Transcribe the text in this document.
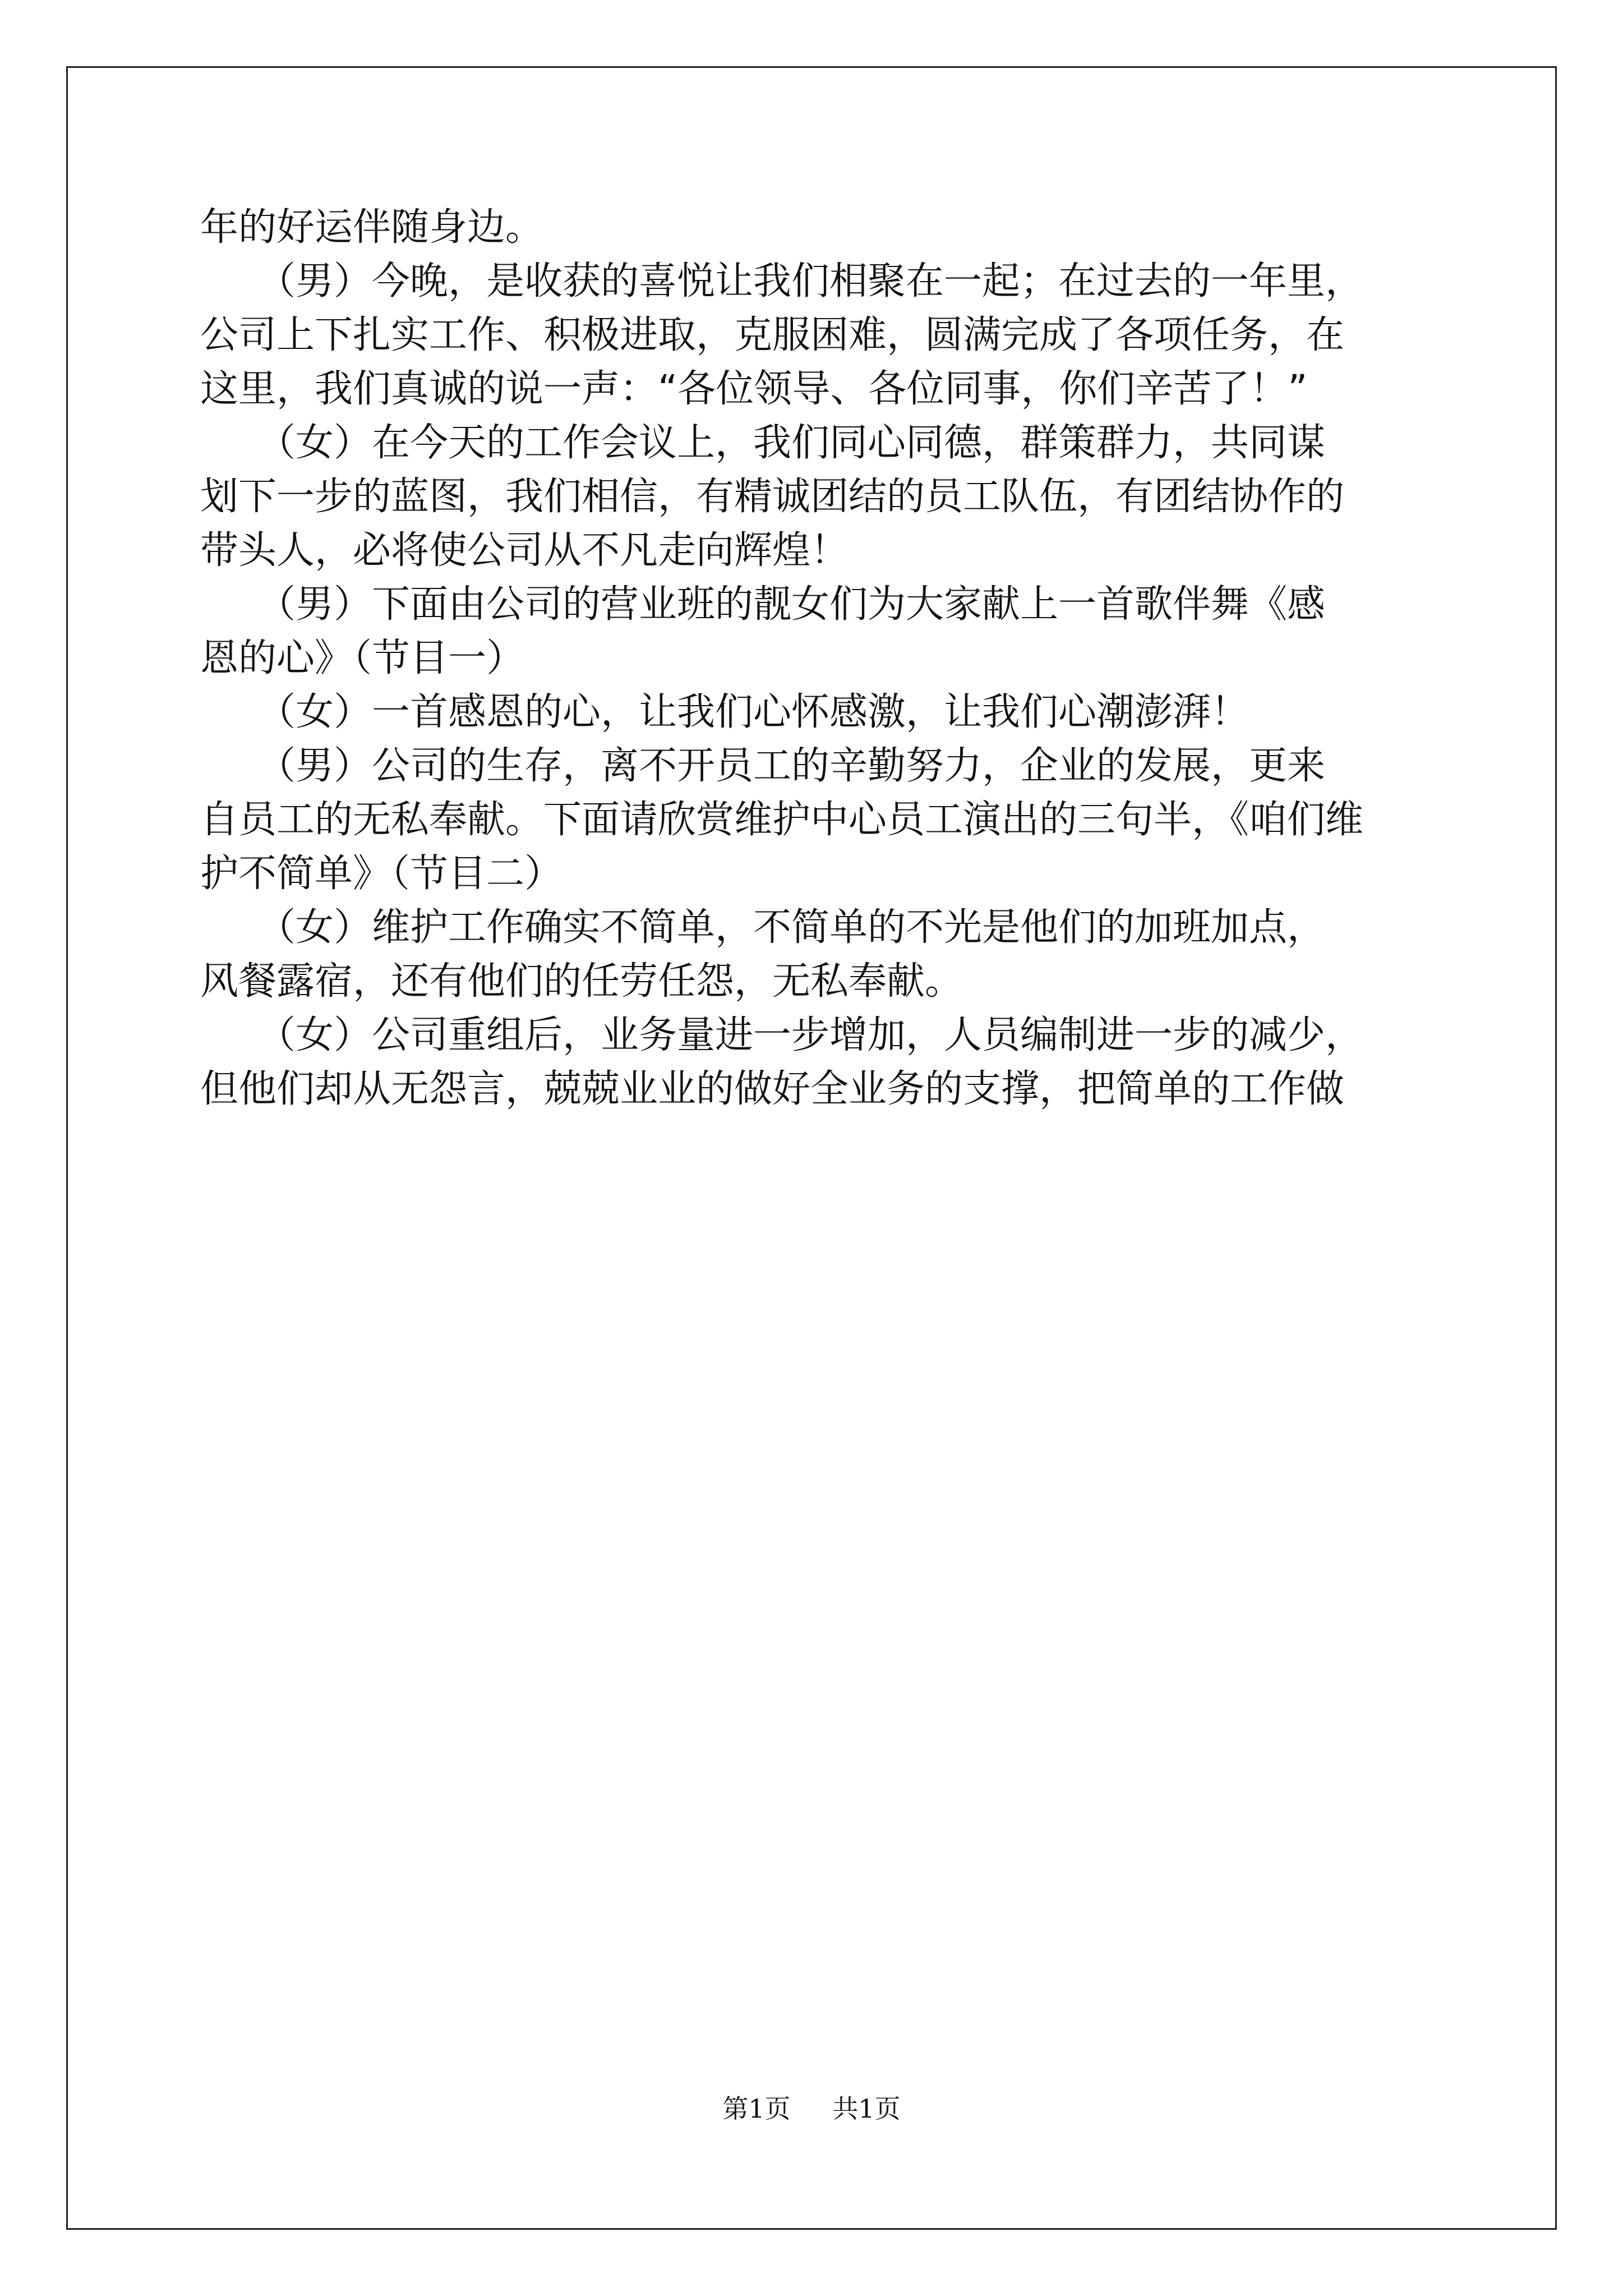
年的好运伴随身边。
　　（男）今晚，是收获的喜悦让我们相聚在一起；在过去的一年里，
公司上下扎实工作、积极进取，克服困难，圆满完成了各项任务，在
这里，我们真诚的说一声：“各位领导、各位同事，你们辛苦了！”
　　（女）在今天的工作会议上，我们同心同德，群策群力，共同谋
划下一步的蓝图，我们相信，有精诚团结的员工队伍，有团结协作的
带头人，必将使公司从不凡走向辉煌！
　　（男）下面由公司的营业班的靓女们为大家献上一首歌伴舞《感
恩的心》（节目一）
　　（女）一首感恩的心，让我们心怀感激，让我们心潮澎湃！
　　（男）公司的生存，离不开员工的辛勤努力，企业的发展，更来
自员工的无私奉献。下面请欣赏维护中心员工演出的三句半，《咱们维
护不简单》（节目二）
　　（女）维护工作确实不简单，不简单的不光是他们的加班加点，
风餐露宿，还有他们的任劳任怨，无私奉献。
　　（女）公司重组后，业务量进一步增加，人员编制进一步的减少，
但他们却从无怨言，兢兢业业的做好全业务的支撑，把简单的工作做
第1页 共1页
